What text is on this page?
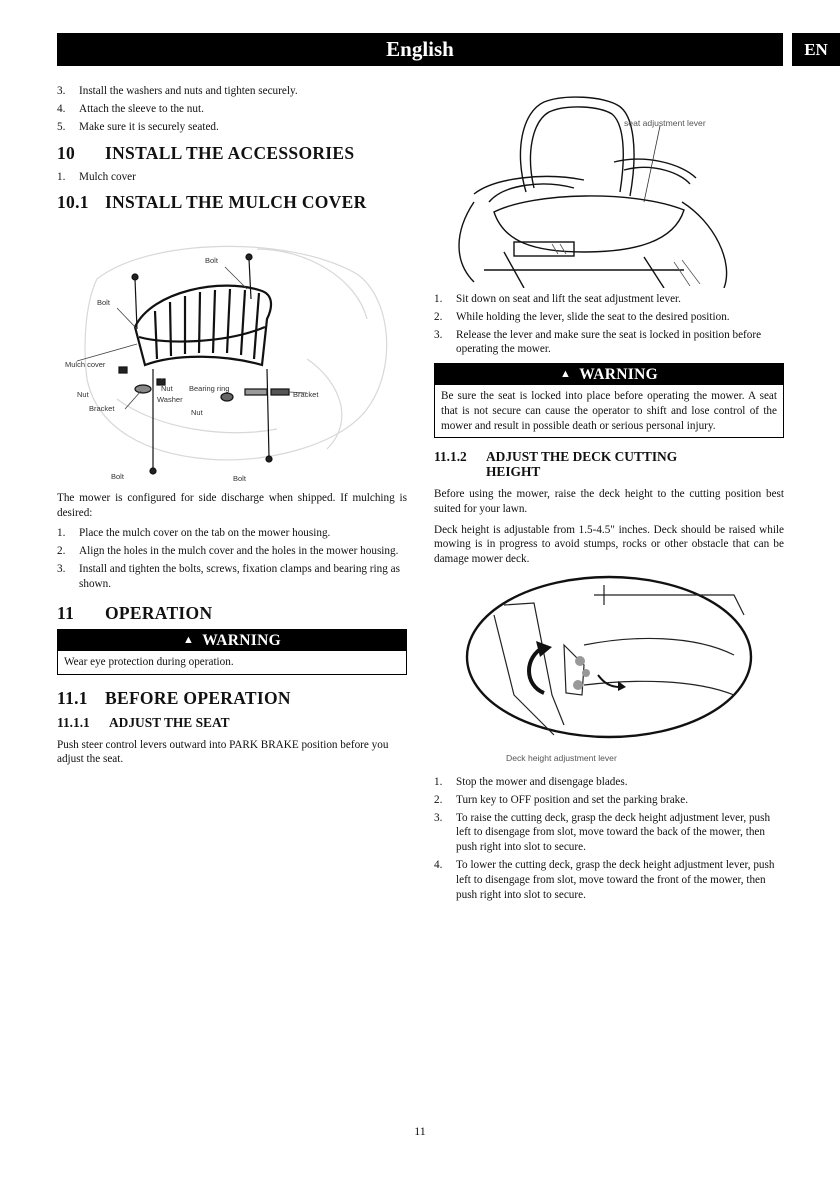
English	EN
3. Install the washers and nuts and tighten securely.
4. Attach the sleeve to the nut.
5. Make sure it is securely seated.
10	INSTALL THE ACCESSORIES
1. Mulch cover
10.1 INSTALL THE MULCH COVER
Bolt
Bolt
Mulch cover
Nut
Nut
Washer
Bearing ring
Bracket
Bracket	Nut
Bolt	Bolt

The mower is configured for side discharge when shipped. If mulching is desired:

1. Place the mulch cover on the tab on the mower housing.
2. Align the holes in the mulch cover and the holes in the mower housing.
3. Install and tighten the bolts, screws, fixation clamps and bearing ring as shown.
11	OPERATION
▲ WARNING
Wear eye protection during operation.
11.1 BEFORE OPERATION
11.1.1	ADJUST THE SEAT

Push steer control levers outward into PARK BRAKE position before you adjust the seat.

seat adjustment lever
1. Sit down on seat and lift the seat adjustment lever.
2. While holding the lever, slide the seat to the desired position.
3. Release the lever and make sure the seat is locked in position before operating the mower.
▲ WARNING
Be sure the seat is locked into place before operating the mower. A seat that is not secure can cause the operator to shift and lose control of the mower and result in possible death or serious personal injury.
11.1.2	ADJUST THE DECK CUTTING HEIGHT

Before using the mower, raise the deck height to the cutting position best suited for your lawn.

Deck height is adjustable from 1.5-4.5" inches. Deck should be raised while mowing is in progress to avoid stumps, rocks or other obstacle that can be damage mower deck.

Deck height adjustment lever
1. Stop the mower and disengage blades.
2. Turn key to OFF position and set the parking brake.
3. To raise the cutting deck, grasp the deck height adjustment lever, push left to disengage from slot, move toward the back of the mower, then push right into slot to secure.
4. To lower the cutting deck, grasp the deck height adjustment lever, push left to disengage from slot, move toward the front of the mower, then push right into slot to secure.
11
